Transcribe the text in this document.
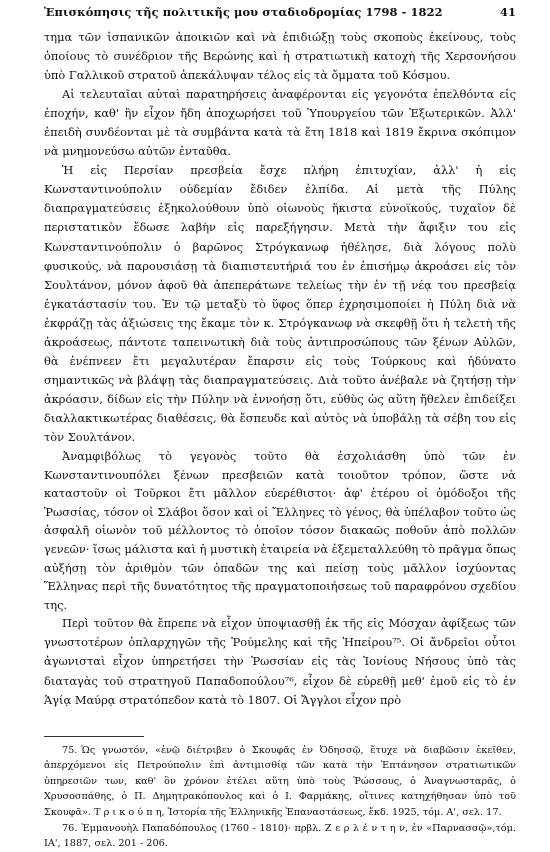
Ἐπισκόπησις τῆς πολιτικῆς μου σταδιοδρομίας 1798 - 1822	41

τημα τῶν ἰσπανικῶν ἀποικιῶν καὶ νὰ ἐπιδιώξῃ τοὺς σκοποὺς ἐκείνους, τοὺς ὁποίους τὸ συνέδριον τῆς Βερώνης καὶ ἡ στρατιωτικὴ κατοχὴ τῆς Χερσονήσου ὑπὸ Γαλλικοῦ στρατοῦ ἀπεκάλυψαν τέλος εἰς τὰ ὄμματα τοῦ Κόσμου.

Αἱ τελευταῖαι αὐταὶ παρατηρήσεις ἀναφέρονται εἰς γεγονότα ἐπελθόντα εἰς ἐποχήν, καθ' ἣν εἶχον ἤδη ἀποχωρήσει τοῦ Ὑπουργείου τῶν Ἐξωτερικῶν. Ἀλλ' ἐπειδὴ συνδέονται μὲ τὰ συμβάντα κατὰ τὰ ἔτη 1818 καὶ 1819 ἔκρινα σκόπιμον νὰ μνημονεύσω αὐτῶν ἐνταῦθα.

Ἡ εἰς Περσίαν πρεσβεία ἔσχε πλήρη ἐπιτυχίαν, ἀλλ' ἡ εἰς Κωνσταντινούπολιν οὐδεμίαν ἔδιδεν ἐλπίδα. Αἱ μετὰ τῆς Πύλης διαπραγματεύσεις ἐξηκολούθουν ὑπὸ οἰωνοὺς ἥκιστα εὐνοϊκούς, τυχαῖον δὲ περιστατικὸν ἔδωσε λαβὴν εἰς παρεξήγησιν. Μετὰ τὴν ἄφιξιν του εἰς Κωνσταντινούπολιν ὁ βαρῶνος Στρόγκανωφ ἠθέλησε, διὰ λόγους πολὺ φυσικούς, νὰ παρουσιάσῃ τὰ διαπιστευτήριά του ἐν ἐπισήμῳ ἀκροάσει εἰς τὸν Σουλτάνον, μόνον ἀφοῦ θὰ ἀπεπεράτωνε τελείως τὴν ἐν τῇ νέᾳ του πρεσβείᾳ ἐγκατάστασίν του. Ἐν τῷ μεταξὺ τὸ ὕφος ὅπερ ἐχρησιμοποίει ἡ Πύλη διὰ νὰ ἐκφράζῃ τὰς ἀξιώσεις της ἔκαμε τὸν κ. Στρόγκανωφ νὰ σκεφθῇ ὅτι ἡ τελετὴ τῆς ἀκροάσεως, πάντοτε ταπεινωτικὴ διὰ τοὺς ἀντιπροσώπους τῶν ξένων Αὐλῶν, θὰ ἐνέπνεεν ἔτι μεγαλυτέραν ἔπαρσιν εἰς τοὺς Τούρκους καὶ ἠδύνατο σημαντικῶς νὰ βλάψῃ τὰς διαπραγματεύσεις. Διὰ τοῦτο ἀνέβαλε νὰ ζητήσῃ τὴν ἀκρόασιν, δίδων εἰς τὴν Πύλην νὰ ἐννοήσῃ ὅτι, εὐθὺς ὡς αὕτη ἤθελεν ἐπιδείξει διαλλακτικωτέρας διαθέσεις, θὰ ἔσπευδε καὶ αὐτὸς νὰ ὑποβάλῃ τὰ σέβη του εἰς τὸν Σουλτάνον.

Ἀναμφιβόλως τὸ γεγονὸς τοῦτο θὰ ἐσχολιάσθη ὑπὸ τῶν ἐν Κωνσταντινουπόλει ξένων πρεσβειῶν κατὰ τοιοῦτον τρόπον, ὥστε νὰ καταστοῦν οἱ Τοῦρκοι ἔτι μᾶλλον εὐερέθιστοι· ἀφ' ἑτέρου οἱ ὁμόδοξοι τῆς Ῥωσσίας, τόσον οἱ Σλάβοι ὅσον καὶ οἱ Ἕλληνες τὸ γένος, θὰ ὑπέλαβον τοῦτο ὡς ἀσφαλῆ οἰωνὸν τοῦ μέλλοντος τὸ ὁποῖον τόσον διακαῶς ποθοῦν ἀπὸ πολλῶν γενεῶν· ἴσως μάλιστα καὶ ἡ μυστικὴ ἑταιρεία νὰ ἐξεμεταλλεύθη τὸ πρᾶγμα ὅπως αὐξήσῃ τὸν ἀριθμὸν τῶν ὀπαδῶν της καὶ πείσῃ τοὺς μᾶλλον ἰσχύοντας Ἕλληνας περὶ τῆς δυνατότητος τῆς πραγματοποιήσεως τοῦ παραφρόνου σχεδίου της.

Περὶ τοῦτον θὰ ἔπρεπε νὰ εἶχον ὑποψιασθῇ ἐκ τῆς εἰς Μόσχαν ἀφίξεως τῶν γνωστοτέρων ὁπλαρχηγῶν τῆς Ῥούμελης καὶ τῆς Ἠπείρου⁷⁵. Οἱ ἄνδρεῖοι οὗτοι ἀγωνισταὶ εἶχον ὑπηρετήσει τὴν Ῥωσσίαν εἰς τὰς Ἰονίους Νήσους ὑπὸ τὰς διαταγὰς τοῦ στρατηγοῦ Παπαδοπούλου⁷⁶, εἶχον δὲ εὑρεθῇ μεθ' ἐμοῦ εἰς τὸ ἐν Ἁγίᾳ Μαύρᾳ στρατόπεδον κατὰ τὸ 1807. Οἱ Ἄγγλοι εἶχον πρὸ

75. Ὡς γνωστόν, «ἐνῷ διέτριβεν ὁ Σκουφᾶς ἐν Ὀδησσῷ, ἔτυχε νὰ διαβῶσιν ἐκεῖθεν, ἀπερχόμενοι εἰς Πετρούπολιν ἐπὶ ἀντιμισθίᾳ τῶν κατὰ τὴν Ἑπτάνησον στρατιωτικῶν ὑπηρεσιῶν των, καθ' ὃν χρόνον ἐτέλει αὕτη ὑπὸ τοὺς Ῥώσσους, ὁ Ἀναγνωσταρᾶς, ὁ Χρυσοσπάθης, ὁ Π. Δημητρακόπουλος καὶ ὁ Ι. Φαρμάκης, οἵτινες κατηχήθησαν ὑπὸ τοῦ Σκουφᾶ». Τ ρ ι κ ο ύ π η, Ἱστορία τῆς Ἑλληνικῆς Ἐπαναστάσεως, ἔκδ. 1925, τόμ. Α', σελ. 17.

76. Ἐμμανουὴλ Παπαδόπουλος (1760 - 1810)· πρβλ. Ζ ε ρ λ έ ν τ η ν, ἐν «Παρνασσῷ»,τόμ. ΙΑ', 1887, σελ. 201 - 206.
